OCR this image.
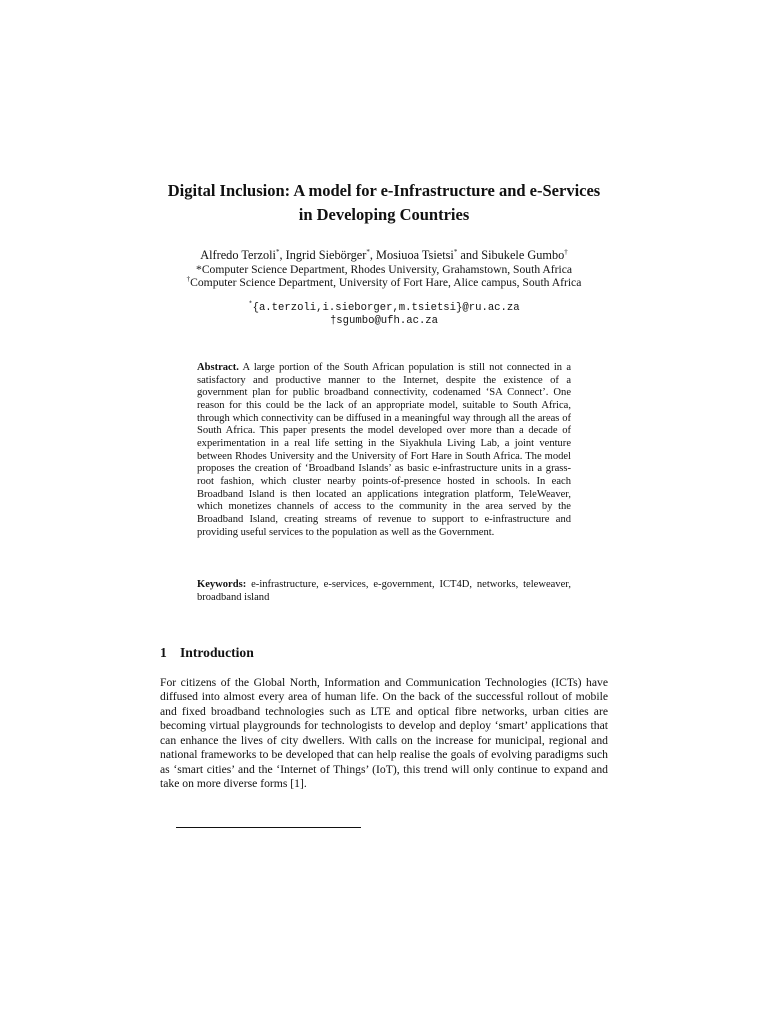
Digital Inclusion: A model for e-Infrastructure and e-Services in Developing Countries
Alfredo Terzoli*, Ingrid Siebörger*, Mosiuoa Tsietsi* and Sibukele Gumbo†
*Computer Science Department, Rhodes University, Grahamstown, South Africa
†Computer Science Department, University of Fort Hare, Alice campus, South Africa
*{a.terzoli,i.sieborger,m.tsietsi}@ru.ac.za
†sgumbo@ufh.ac.za
Abstract. A large portion of the South African population is still not connected in a satisfactory and productive manner to the Internet, despite the existence of a government plan for public broadband connectivity, codenamed ‘SA Connect’. One reason for this could be the lack of an appropriate model, suitable to South Africa, through which connectivity can be diffused in a meaningful way through all the areas of South Africa. This paper presents the model developed over more than a decade of experimentation in a real life setting in the Siyakhula Living Lab, a joint venture between Rhodes University and the University of Fort Hare in South Africa. The model proposes the creation of ‘Broadband Islands’ as basic e-infrastructure units in a grass-root fashion, which cluster nearby points-of-presence hosted in schools. In each Broadband Island is then located an applications integration platform, TeleWeaver, which monetizes channels of access to the community in the area served by the Broadband Island, creating streams of revenue to support to e-infrastructure and providing useful services to the population as well as the Government.
Keywords: e-infrastructure, e-services, e-government, ICT4D, networks, teleweaver, broadband island
1 Introduction
For citizens of the Global North, Information and Communication Technologies (ICTs) have diffused into almost every area of human life. On the back of the successful rollout of mobile and fixed broadband technologies such as LTE and optical fibre networks, urban cities are becoming virtual playgrounds for technologists to develop and deploy ‘smart’ applications that can enhance the lives of city dwellers. With calls on the increase for municipal, regional and national frameworks to be developed that can help realise the goals of evolving paradigms such as ‘smart cities’ and the ‘Internet of Things’ (IoT), this trend will only continue to expand and take on more diverse forms [1].
